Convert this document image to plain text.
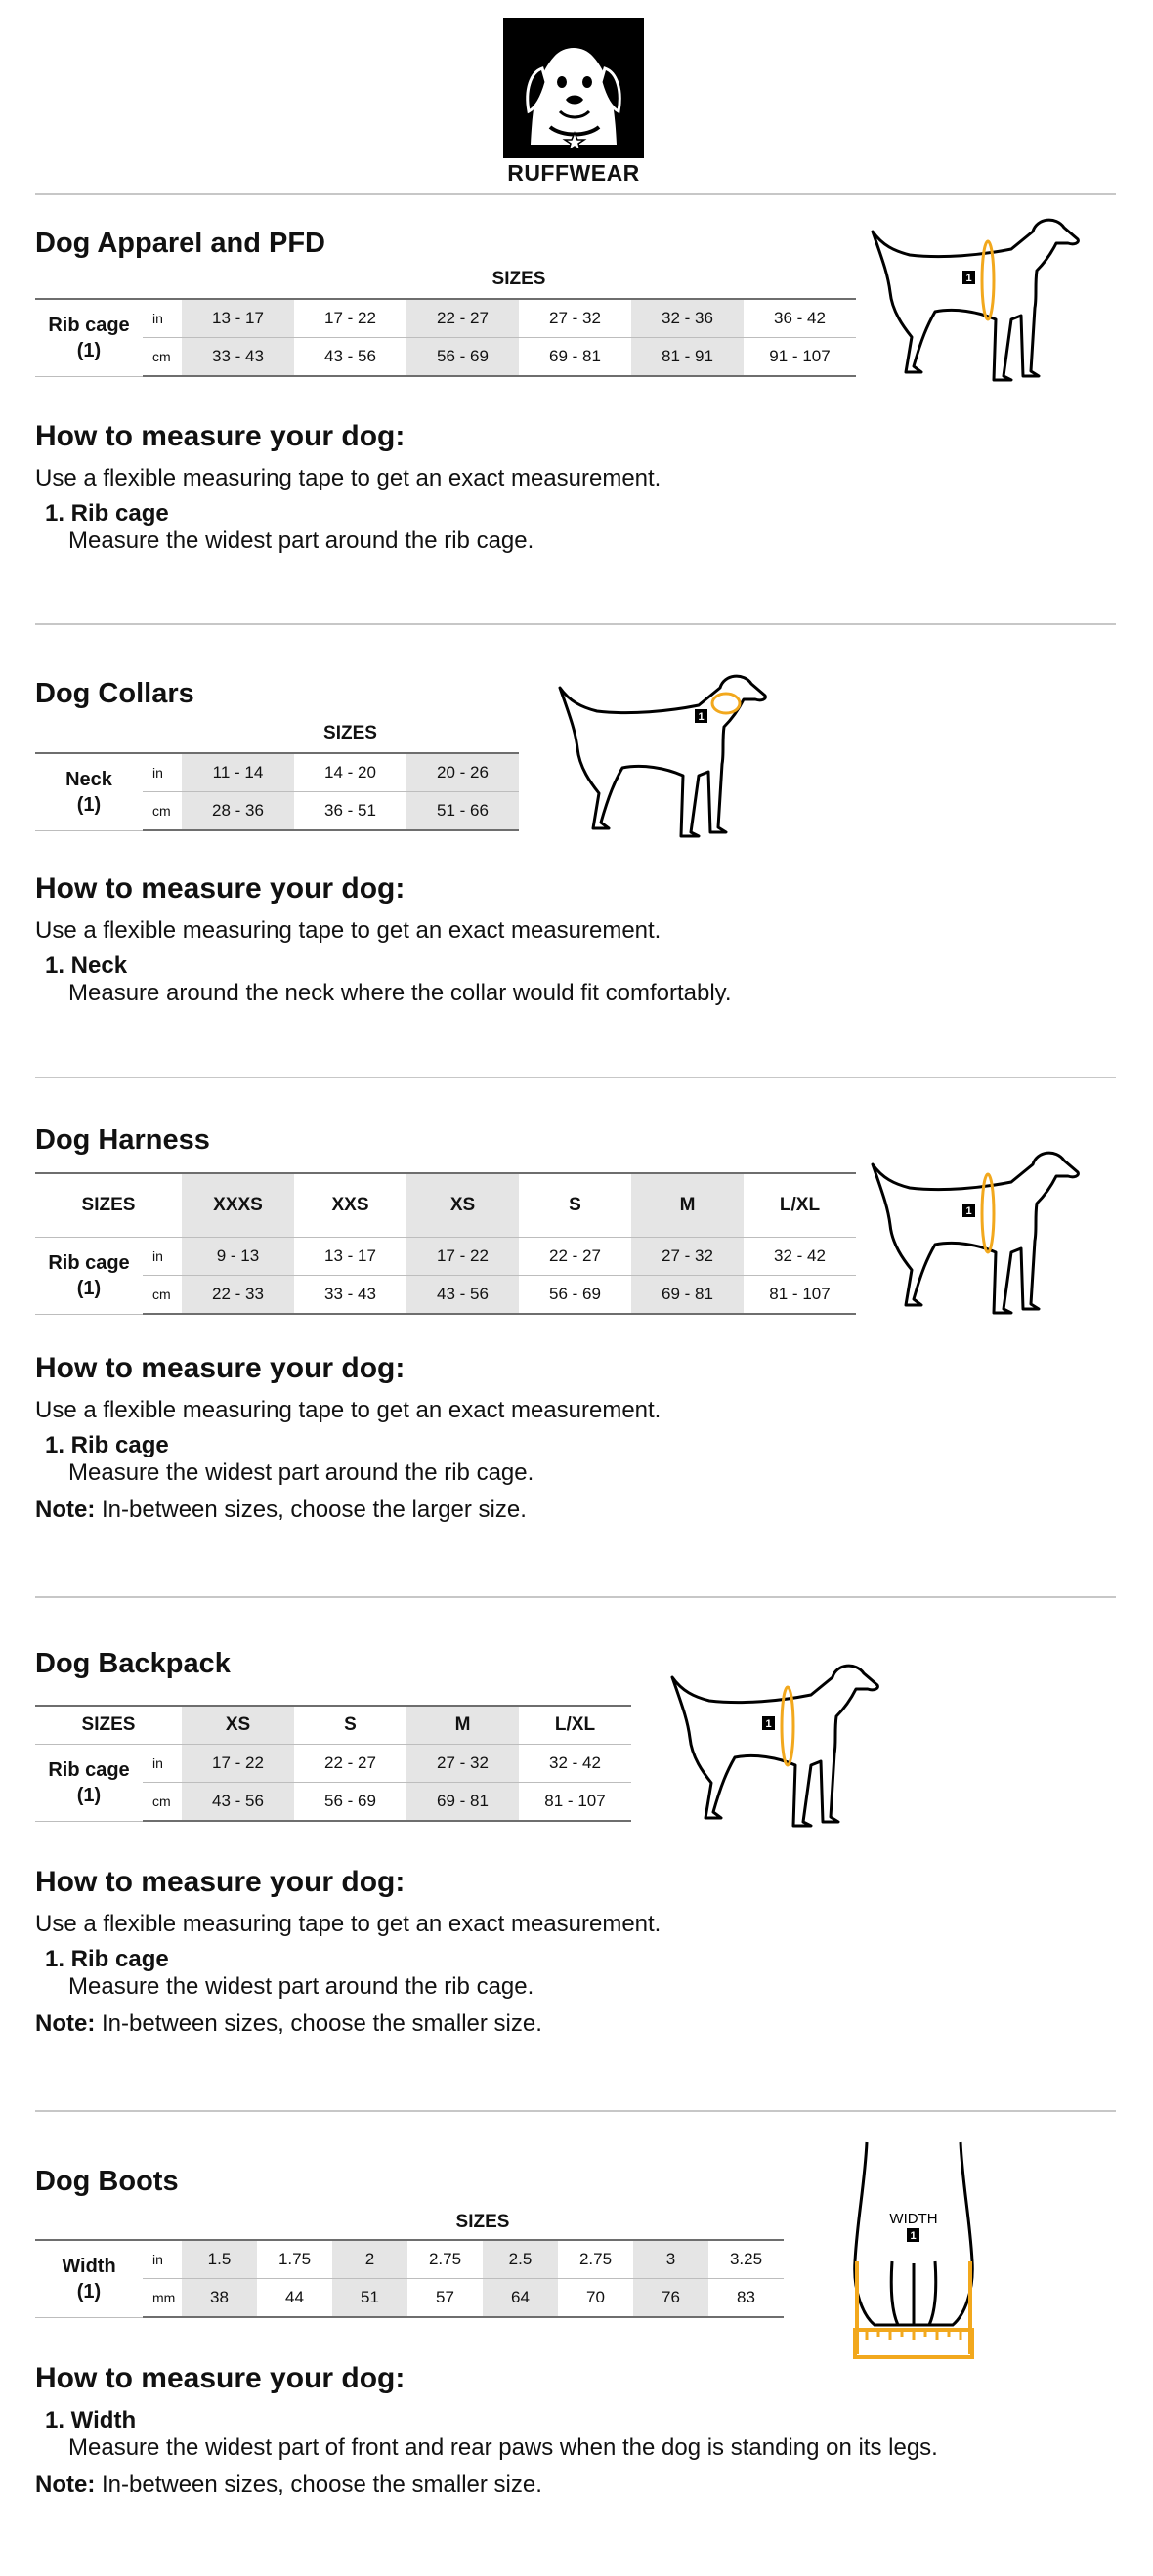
RUFFWEAR
Dog Apparel and PFD
SIZES
Rib cage
(1)	in	13 - 17	17 - 22	22 - 27	27 - 32	32 - 36	36 - 42
	cm	33 - 43	43 - 56	56 - 69	69 - 81	81 - 91	91 - 107
1
How to measure your dog:

Use a flexible measuring tape to get an exact measurement.

1. Rib cage
Measure the widest part around the rib cage.
Dog Collars
SIZES
Neck
(1)	in	11 - 14	14 - 20	20 - 26
	cm	28 - 36	36 - 51	51 - 66
1
How to measure your dog:

Use a flexible measuring tape to get an exact measurement.

1. Neck
Measure around the neck where the collar would fit comfortably.
Dog Harness
SIZES		XXXS	XXS	XS	S	M	L/XL
Rib cage
(1)	in	9 - 13	13 - 17	17 - 22	22 - 27	27 - 32	32 - 42
	cm	22 - 33	33 - 43	43 - 56	56 - 69	69 - 81	81 - 107
1
How to measure your dog:

Use a flexible measuring tape to get an exact measurement.

1. Rib cage
Measure the widest part around the rib cage.
Note: In-between sizes, choose the larger size.
Dog Backpack
SIZES		XS	S	M	L/XL
Rib cage
(1)	in	17 - 22	22 - 27	27 - 32	32 - 42
	cm	43 - 56	56 - 69	69 - 81	81 - 107
1
How to measure your dog:

Use a flexible measuring tape to get an exact measurement.

1. Rib cage
Measure the widest part around the rib cage.
Note: In-between sizes, choose the smaller size.
Dog Boots
SIZES
Width
(1)	in	1.5	1.75	2	2.75	2.5	2.75	3	3.25
	mm	38	44	51	57	64	70	76	83
WIDTH
1
How to measure your dog:
1. Width
Measure the widest part of front and rear paws when the dog is standing on its legs.
Note: In-between sizes, choose the smaller size.
